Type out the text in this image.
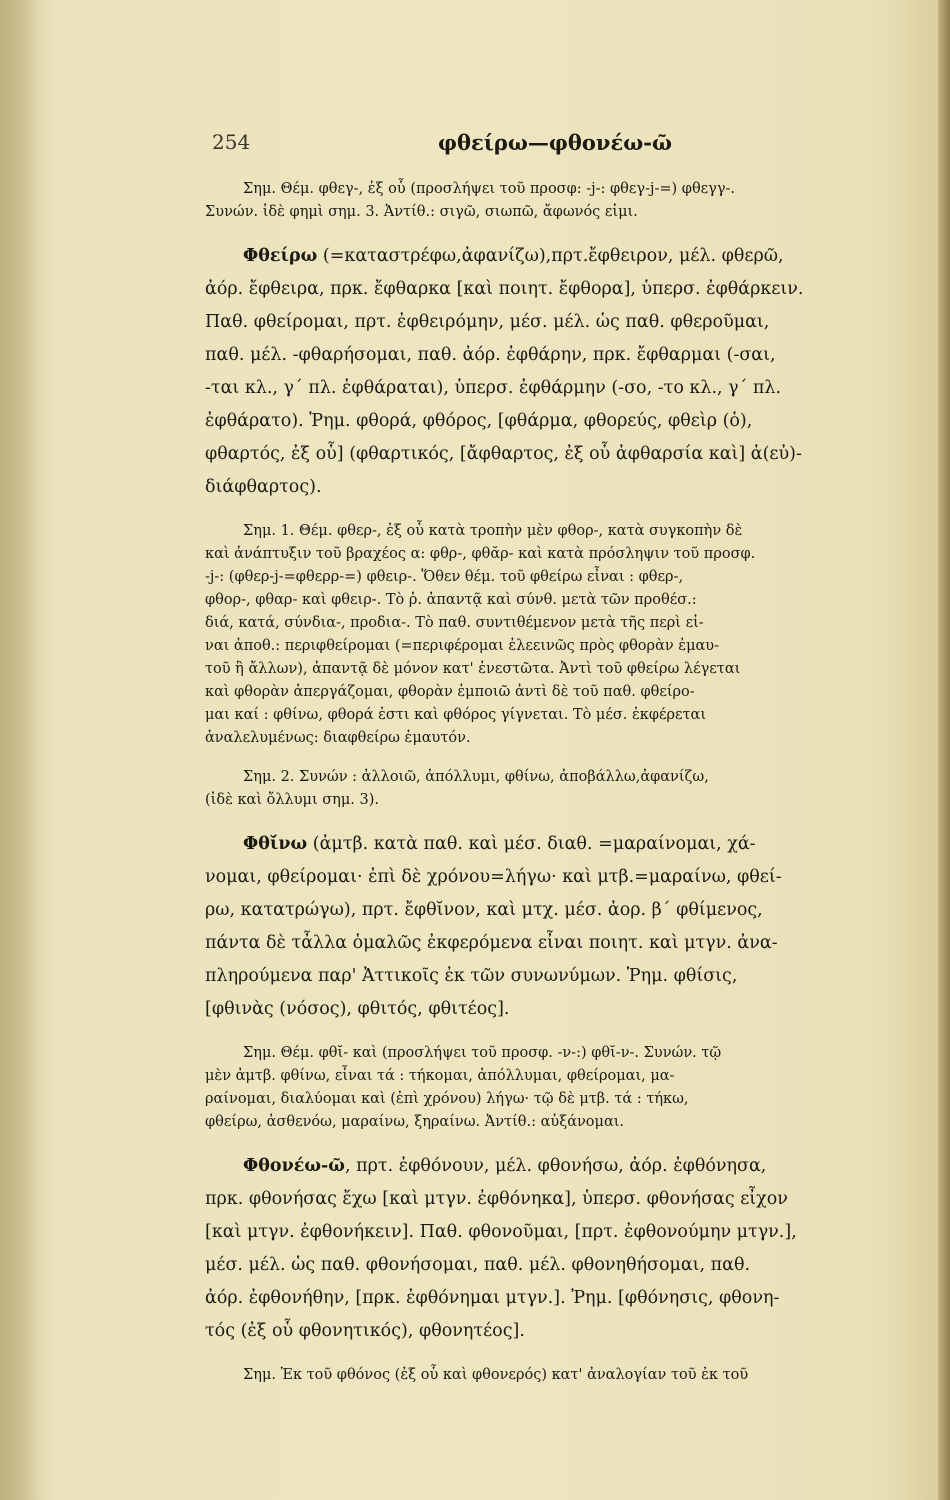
254	φθείρω—φθονέω-ῶ
Σημ. Θέμ. φθεγ-, ἐξ οὗ (προσλήψει τοῦ προσφ: -j-: φθεγ-j-=) φθεγγ-.
Συνών. ἰδὲ φημὶ σημ. 3. Ἀντίθ.: σιγῶ, σιωπῶ, ἄφωνός εἰμι.
Φθείρω (=καταστρέφω,ἀφανίζω),πρτ.ἔφθειρον, μέλ. φθερῶ,
ἀόρ. ἔφθειρα, πρκ. ἔφθαρκα [καὶ ποιητ. ἔφθορα], ὑπερσ. ἐφθάρκειν.
Παθ. φθείρομαι, πρτ. ἐφθειρόμην, μέσ. μέλ. ὡς παθ. φθεροῦμαι,
παθ. μέλ. -φθαρήσομαι, παθ. ἀόρ. ἐφθάρην, πρκ. ἔφθαρμαι (-σαι,
-ται κλ., γ΄ πλ. ἐφθάραται), ὑπερσ. ἐφθάρμην (-σο, -το κλ., γ΄ πλ.
ἐφθάρατο). Ῥημ. φθορά, φθόρος, [φθάρμα, φθορεύς, φθεὶρ (ὁ),
φθαρτός, ἐξ οὗ] (φθαρτικός, [ἄφθαρτος, ἐξ οὗ ἀφθαρσία καὶ] ἀ(εὐ)-
διάφθαρτος).
Σημ. 1. Θέμ. φθερ-, ἐξ οὗ κατὰ τροπὴν μὲν φθορ-, κατὰ συγκοπὴν δὲ
καὶ ἀνάπτυξιν τοῦ βραχέος α: φθρ-, φθᾰρ- καὶ κατὰ πρόσληψιν τοῦ προσφ.
-j-: (φθερ-j-=φθερρ-=) φθειρ-. Ὅθεν θέμ. τοῦ φθείρω εἶναι : φθερ-,
φθορ-, φθαρ- καὶ φθειρ-. Τὸ ῥ. ἀπαντᾷ καὶ σύνθ. μετὰ τῶν προθέσ.:
διά, κατά, σύνδια-, προδια-. Τὸ παθ. συντιθέμενον μετὰ τῆς περὶ εἰ-
ναι ἀποθ.: περιφθείρομαι (=περιφέρομαι ἐλεεινῶς πρὸς φθορὰν ἐμαυ-
τοῦ ἢ ἄλλων), ἀπαντᾷ δὲ μόνον κατ' ἐνεστῶτα. Ἀντὶ τοῦ φθείρω λέγεται
καὶ φθορὰν ἀπεργάζομαι, φθορὰν ἐμποιῶ ἀντὶ δὲ τοῦ παθ. φθείρο-
μαι καί : φθίνω, φθορά ἐστι καὶ φθόρος γίγνεται. Τὸ μέσ. ἐκφέρεται
ἀναλελυμένως: διαφθείρω ἐμαυτόν.
Σημ. 2. Συνών : ἀλλοιῶ, ἀπόλλυμι, φθίνω, ἀποβάλλω,ἀφανίζω,
(ἰδὲ καὶ ὄλλυμι σημ. 3).
Φθῐ́νω (ἀμτβ. κατὰ παθ. καὶ μέσ. διαθ. =μαραίνομαι, χά-
νομαι, φθείρομαι· ἐπὶ δὲ χρόνου=λήγω· καὶ μτβ.=μαραίνω, φθεί-
ρω, κατατρώγω), πρτ. ἔφθῐνον, καὶ μτχ. μέσ. ἀορ. β΄ φθίμενος,
πάντα δὲ τἆλλα ὁμαλῶς ἐκφερόμενα εἶναι ποιητ. καὶ μτγν. ἀνα-
πληρούμενα παρ' Ἀττικοῖς ἐκ τῶν συνωνύμων. Ῥημ. φθίσις,
[φθινὰς (νόσος), φθιτός, φθιτέος].
Σημ. Θέμ. φθῐ- καὶ (προσλήψει τοῦ προσφ. -ν-:) φθῐ-ν-. Συνών. τῷ
μὲν ἀμτβ. φθίνω, εἶναι τά : τήκομαι, ἀπόλλυμαι, φθείρομαι, μα-
ραίνομαι, διαλύομαι καὶ (ἐπὶ χρόνου) λήγω· τῷ δὲ μτβ. τά : τήκω,
φθείρω, ἀσθενόω, μαραίνω, ξηραίνω. Ἀντίθ.: αὐξάνομαι.
Φθονέω-ῶ, πρτ. ἐφθόνουν, μέλ. φθονήσω, ἀόρ. ἐφθόνησα,
πρκ. φθονήσας ἔχω [καὶ μτγν. ἐφθόνηκα], ὑπερσ. φθονήσας εἶχον
[καὶ μτγν. ἐφθονήκειν]. Παθ. φθονοῦμαι, [πρτ. ἐφθονούμην μτγν.],
μέσ. μέλ. ὡς παθ. φθονήσομαι, παθ. μέλ. φθονηθήσομαι, παθ.
ἀόρ. ἐφθονήθην, [πρκ. ἐφθόνημαι μτγν.]. Ῥημ. [φθόνησις, φθονη-
τός (ἐξ οὗ φθονητικός), φθονητέος].
Σημ. Ἐκ τοῦ φθόνος (ἐξ οὗ καὶ φθονερός) κατ' ἀναλογίαν τοῦ ἐκ τοῦ
